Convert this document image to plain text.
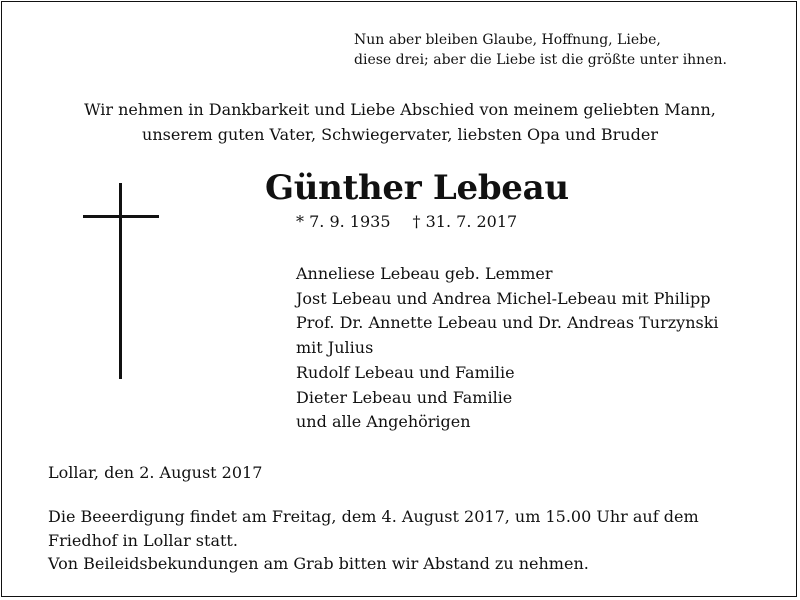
Nun aber bleiben Glaube, Hoffnung, Liebe,
diese drei; aber die Liebe ist die größte unter ihnen.
Wir nehmen in Dankbarkeit und Liebe Abschied von meinem geliebten Mann,
unserem guten Vater, Schwiegervater, liebsten Opa und Bruder
Günther Lebeau
* 7. 9. 1935 † 31. 7. 2017
Anneliese Lebeau geb. Lemmer
Jost Lebeau und Andrea Michel-Lebeau mit Philipp
Prof. Dr. Annette Lebeau und Dr. Andreas Turzynski
mit Julius
Rudolf Lebeau und Familie
Dieter Lebeau und Familie
und alle Angehörigen
Lollar, den 2. August 2017
Die Beeerdigung findet am Freitag, dem 4. August 2017, um 15.00 Uhr auf dem
Friedhof in Lollar statt.
Von Beileidsbekundungen am Grab bitten wir Abstand zu nehmen.
